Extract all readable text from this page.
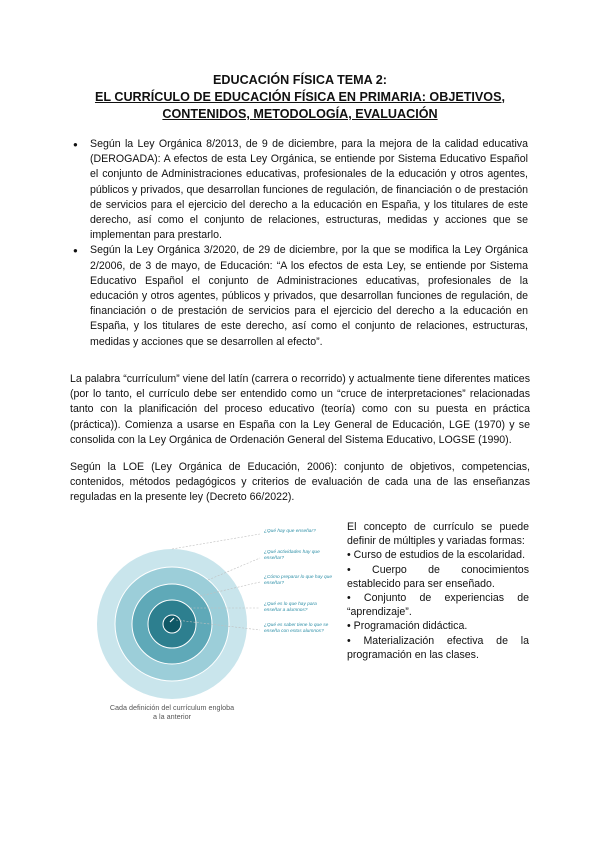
EDUCACIÓN FÍSICA TEMA 2:
EL CURRÍCULO DE EDUCACIÓN FÍSICA EN PRIMARIA: OBJETIVOS,
CONTENIDOS, METODOLOGÍA, EVALUACIÓN
● Según la Ley Orgánica 8/2013, de 9 de diciembre, para la mejora de la calidad educativa (DEROGADA): A efectos de esta Ley Orgánica, se entiende por Sistema Educativo Español el conjunto de Administraciones educativas, profesionales de la educación y otros agentes, públicos y privados, que desarrollan funciones de regulación, de financiación o de prestación de servicios para el ejercicio del derecho a la educación en España, y los titulares de este derecho, así como el conjunto de relaciones, estructuras, medidas y acciones que se implementan para prestarlo.
● Según la Ley Orgánica 3/2020, de 29 de diciembre, por la que se modifica la Ley Orgánica 2/2006, de 3 de mayo, de Educación: “A los efectos de esta Ley, se entiende por Sistema Educativo Español el conjunto de Administraciones educativas, profesionales de la educación y otros agentes, públicos y privados, que desarrollan funciones de regulación, de financiación o de prestación de servicios para el ejercicio del derecho a la educación en España, y los titulares de este derecho, así como el conjunto de relaciones, estructuras, medidas y acciones que se desarrollen al efecto”.
La palabra “currículum” viene del latín (carrera o recorrido) y actualmente tiene diferentes matices (por lo tanto, el currículo debe ser entendido como un “cruce de interpretaciones” relacionadas tanto con la planificación del proceso educativo (teoría) como con su puesta en práctica (práctica)). Comienza a usarse en España con la Ley General de Educación, LGE (1970) y se consolida con la Ley Orgánica de Ordenación General del Sistema Educativo, LOGSE (1990).
Según la LOE (Ley Orgánica de Educación, 2006): conjunto de objetivos, competencias, contenidos, métodos pedagógicos y criterios de evaluación de cada una de las enseñanzas reguladas en la presente ley (Decreto 66/2022).
¿Qué hay que enseñar?
¿Qué actividades hay que enseñar?
¿Cómo preparar lo que hay que enseñar?
¿Qué es lo que hay para enseñar a alumnos?
¿Qué es saber tiene lo que se enseña con estos alumnos?
Cada definición del currículum engloba
a la anterior
El concepto de currículo se puede definir de múltiples y variadas formas:
• Curso de estudios de la escolaridad.
• Cuerpo de conocimientos establecido para ser enseñado.
• Conjunto de experiencias de “aprendizaje”.
• Programación didáctica.
• Materialización efectiva de la programación en las clases.
